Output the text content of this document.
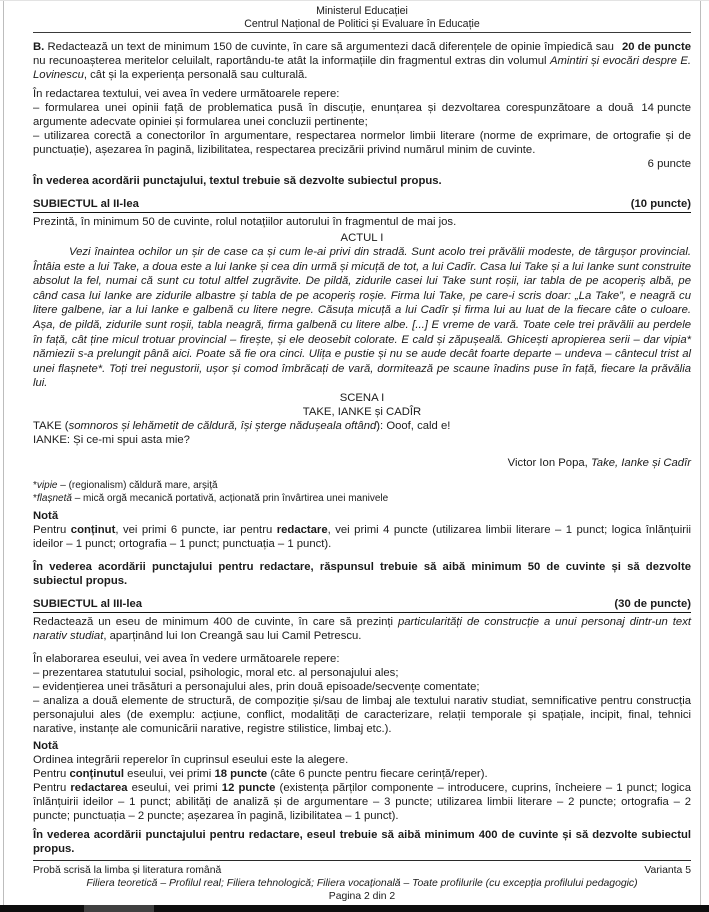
Ministerul Educației
Centrul Național de Politici și Evaluare în Educație

20 de puncte
B. Redactează un text de minimum 150 de cuvinte, în care să argumentezi dacă diferențele de opinie împiedică sau nu recunoașterea meritelor celuilalt, raportându-te atât la informațiile din fragmentul extras din volumul Amintiri și evocări despre E. Lovinescu, cât și la experiența personală sau culturală.

În redactarea textului, vei avea în vedere următoarele repere:

14 puncte
– formularea unei opinii față de problematica pusă în discuție, enunțarea și dezvoltarea corespunzătoare a două argumente adecvate opiniei și formularea unei concluzii pertinente;

– utilizarea corectă a conectorilor în argumentare, respectarea normelor limbii literare (norme de exprimare, de ortografie și de punctuație), așezarea în pagină, lizibilitatea, respectarea precizării privind numărul minim de cuvinte.

6 puncte

În vederea acordării punctajului, textul trebuie să dezvolte subiectul propus.

SUBIECTUL al II-lea	(10 puncte)

Prezintă, în minimum 50 de cuvinte, rolul notațiilor autorului în fragmentul de mai jos.

ACTUL I

Vezi înaintea ochilor un șir de case ca și cum le-ai privi din stradă. Sunt acolo trei prăvălii modeste, de târgușor provincial. Întâia este a lui Take, a doua este a lui Ianke și cea din urmă și micuță de tot, a lui Cadîr. Casa lui Take și a lui Ianke sunt construite absolut la fel, numai că sunt cu totul altfel zugrăvite. De pildă, zidurile casei lui Take sunt roșii, iar tabla de pe acoperiș albă, pe când casa lui Ianke are zidurile albastre și tabla de pe acoperiș roșie. Firma lui Take, pe care-i scris doar: „La Take”, e neagră cu litere galbene, iar a lui Ianke e galbenă cu litere negre. Căsuța micuță a lui Cadîr și firma lui au luat de la fiecare câte o culoare. Așa, de pildă, zidurile sunt roșii, tabla neagră, firma galbenă cu litere albe. [...] E vreme de vară. Toate cele trei prăvălii au perdele în față, cât ține micul trotuar provincial – firește, și ele deosebit colorate. E cald și zăpușeală. Ghicești apropierea serii – dar vipia* nămiezii s-a prelungit până aici. Poate să fie ora cinci. Ulița e pustie și nu se aude decât foarte departe – undeva – cântecul trist al unei flașnete*. Toți trei negustorii, ușor și comod îmbrăcați de vară, dormitează pe scaune înadins puse în față, fiecare la prăvălia lui.

SCENA I

TAKE, IANKE și CADÎR

TAKE (somnoros și lehămetit de căldură, își șterge nădușeala oftând): Ooof, cald e!

IANKE: Și ce-mi spui asta mie?

Victor Ion Popa, Take, Ianke și Cadîr

*vipie – (regionalism) căldură mare, arșiță

*flașnetă – mică orgă mecanică portativă, acționată prin învârtirea unei manivele

Notă

Pentru conținut, vei primi 6 puncte, iar pentru redactare, vei primi 4 puncte (utilizarea limbii literare – 1 punct; logica înlănțuirii ideilor – 1 punct; ortografia – 1 punct; punctuația – 1 punct).

În vederea acordării punctajului pentru redactare, răspunsul trebuie să aibă minimum 50 de cuvinte și să dezvolte subiectul propus.

SUBIECTUL al III-lea	(30 de puncte)

Redactează un eseu de minimum 400 de cuvinte, în care să prezinți particularități de construcție a unui personaj dintr-un text narativ studiat, aparținând lui Ion Creangă sau lui Camil Petrescu.

În elaborarea eseului, vei avea în vedere următoarele repere:

– prezentarea statutului social, psihologic, moral etc. al personajului ales;

– evidențierea unei trăsături a personajului ales, prin două episoade/secvențe comentate;

– analiza a două elemente de structură, de compoziție și/sau de limbaj ale textului narativ studiat, semnificative pentru construcția personajului ales (de exemplu: acțiune, conflict, modalități de caracterizare, relații temporale și spațiale, incipit, final, tehnici narative, instanțe ale comunicării narative, registre stilistice, limbaj etc.).

Notă

Ordinea integrării reperelor în cuprinsul eseului este la alegere.

Pentru conținutul eseului, vei primi 18 puncte (câte 6 puncte pentru fiecare cerință/reper).

Pentru redactarea eseului, vei primi 12 puncte (existența părților componente – introducere, cuprins, încheiere – 1 punct; logica înlănțuirii ideilor – 1 punct; abilități de analiză și de argumentare – 3 puncte; utilizarea limbii literare – 2 puncte; ortografia – 2 puncte; punctuația – 2 puncte; așezarea în pagină, lizibilitatea – 1 punct).

În vederea acordării punctajului pentru redactare, eseul trebuie să aibă minimum 400 de cuvinte și să dezvolte subiectul propus.

Probă scrisă la limba și literatura română	Varianta 5
Filiera teoretică – Profilul real; Filiera tehnologică; Filiera vocațională – Toate profilurile (cu excepția profilului pedagogic)
Pagina 2 din 2
